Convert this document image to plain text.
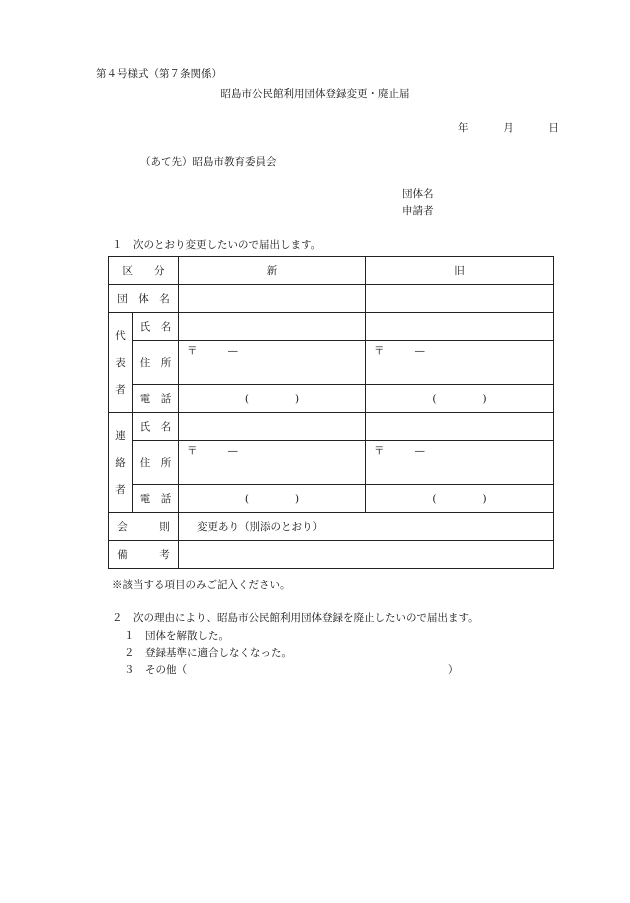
第４号様式（第７条関係）
昭島市公民館利用団体登録変更・廃止届
年	月	日
（あて先）昭島市教育委員会
団体名
申請者
１　次のとおり変更したいので届出します。
区　　分		新	旧
団　体　名			

代
表
者	氏　名		
	住　所	〒 —	〒 —
	電　話	( )	( )

連
絡
者	氏　名		
	住　所	〒 —	〒 —
	電　話	( )	( )
会　　　則		変更あり（別添のとおり）	
備　　　考			
※該当する項目のみご記入ください。
２　次の理由により、昭島市公民館利用団体登録を廃止したいので届出ます。
１　団体を解散した。
２　登録基準に適合しなくなった。
３　その他（	）
